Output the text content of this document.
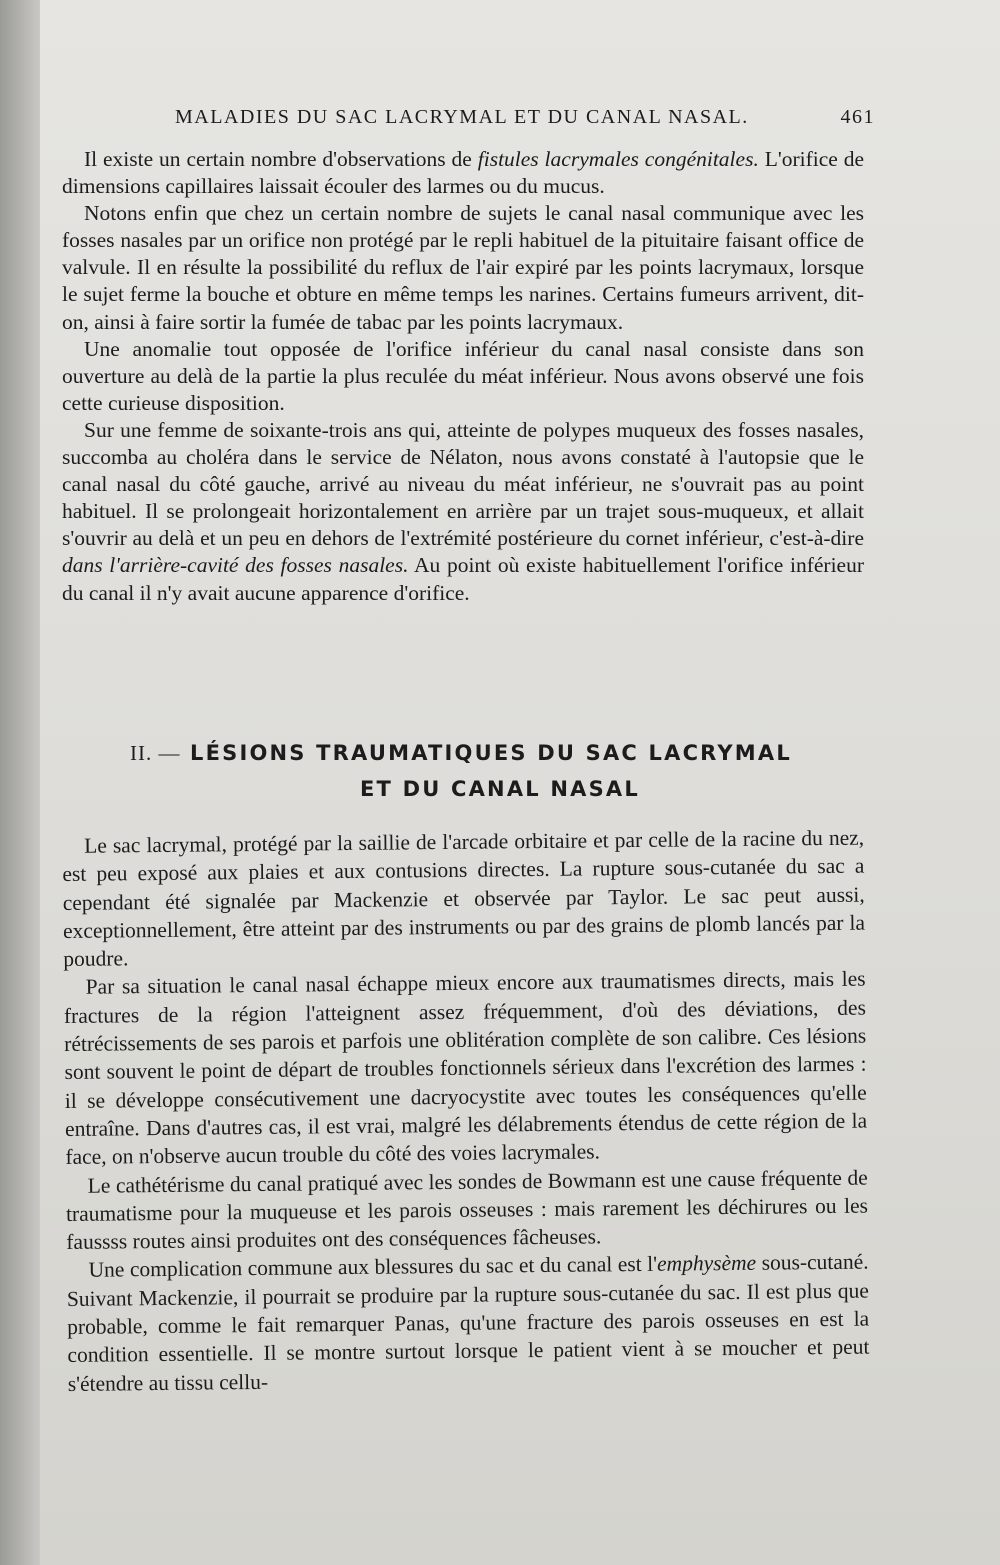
MALADIES DU SAC LACRYMAL ET DU CANAL NASAL.	461

Il existe un certain nombre d'observations de fistules lacrymales congénitales. L'orifice de dimensions capillaires laissait écouler des larmes ou du mucus.

Notons enfin que chez un certain nombre de sujets le canal nasal communique avec les fosses nasales par un orifice non protégé par le repli habituel de la pituitaire faisant office de valvule. Il en résulte la possibilité du reflux de l'air expiré par les points lacrymaux, lorsque le sujet ferme la bouche et obture en même temps les narines. Certains fumeurs arrivent, dit-on, ainsi à faire sortir la fumée de tabac par les points lacrymaux.

Une anomalie tout opposée de l'orifice inférieur du canal nasal consiste dans son ouverture au delà de la partie la plus reculée du méat inférieur. Nous avons observé une fois cette curieuse disposition.

Sur une femme de soixante-trois ans qui, atteinte de polypes muqueux des fosses nasales, succomba au choléra dans le service de Nélaton, nous avons constaté à l'autopsie que le canal nasal du côté gauche, arrivé au niveau du méat inférieur, ne s'ouvrait pas au point habituel. Il se prolongeait horizontalement en arrière par un trajet sous-muqueux, et allait s'ouvrir au delà et un peu en dehors de l'extrémité postérieure du cornet inférieur, c'est-à-dire dans l'arrière-cavité des fosses nasales. Au point où existe habituellement l'orifice inférieur du canal il n'y avait aucune apparence d'orifice.

II. — LÉSIONS TRAUMATIQUES DU SAC LACRYMAL
ET DU CANAL NASAL

Le sac lacrymal, protégé par la saillie de l'arcade orbitaire et par celle de la racine du nez, est peu exposé aux plaies et aux contusions directes. La rupture sous-cutanée du sac a cependant été signalée par Mackenzie et observée par Taylor. Le sac peut aussi, exceptionnellement, être atteint par des instruments ou par des grains de plomb lancés par la poudre.

Par sa situation le canal nasal échappe mieux encore aux traumatismes directs, mais les fractures de la région l'atteignent assez fréquemment, d'où des déviations, des rétrécissements de ses parois et parfois une oblitération complète de son calibre. Ces lésions sont souvent le point de départ de troubles fonctionnels sérieux dans l'excrétion des larmes : il se développe consécutivement une dacryocystite avec toutes les conséquences qu'elle entraîne. Dans d'autres cas, il est vrai, malgré les délabrements étendus de cette région de la face, on n'observe aucun trouble du côté des voies lacrymales.

Le cathétérisme du canal pratiqué avec les sondes de Bowmann est une cause fréquente de traumatisme pour la muqueuse et les parois osseuses : mais rarement les déchirures ou les faussss routes ainsi produites ont des conséquences fâcheuses.

Une complication commune aux blessures du sac et du canal est l'emphysème sous-cutané. Suivant Mackenzie, il pourrait se produire par la rupture sous-cutanée du sac. Il est plus que probable, comme le fait remarquer Panas, qu'une fracture des parois osseuses en est la condition essentielle. Il se montre surtout lorsque le patient vient à se moucher et peut s'étendre au tissu cellu-
